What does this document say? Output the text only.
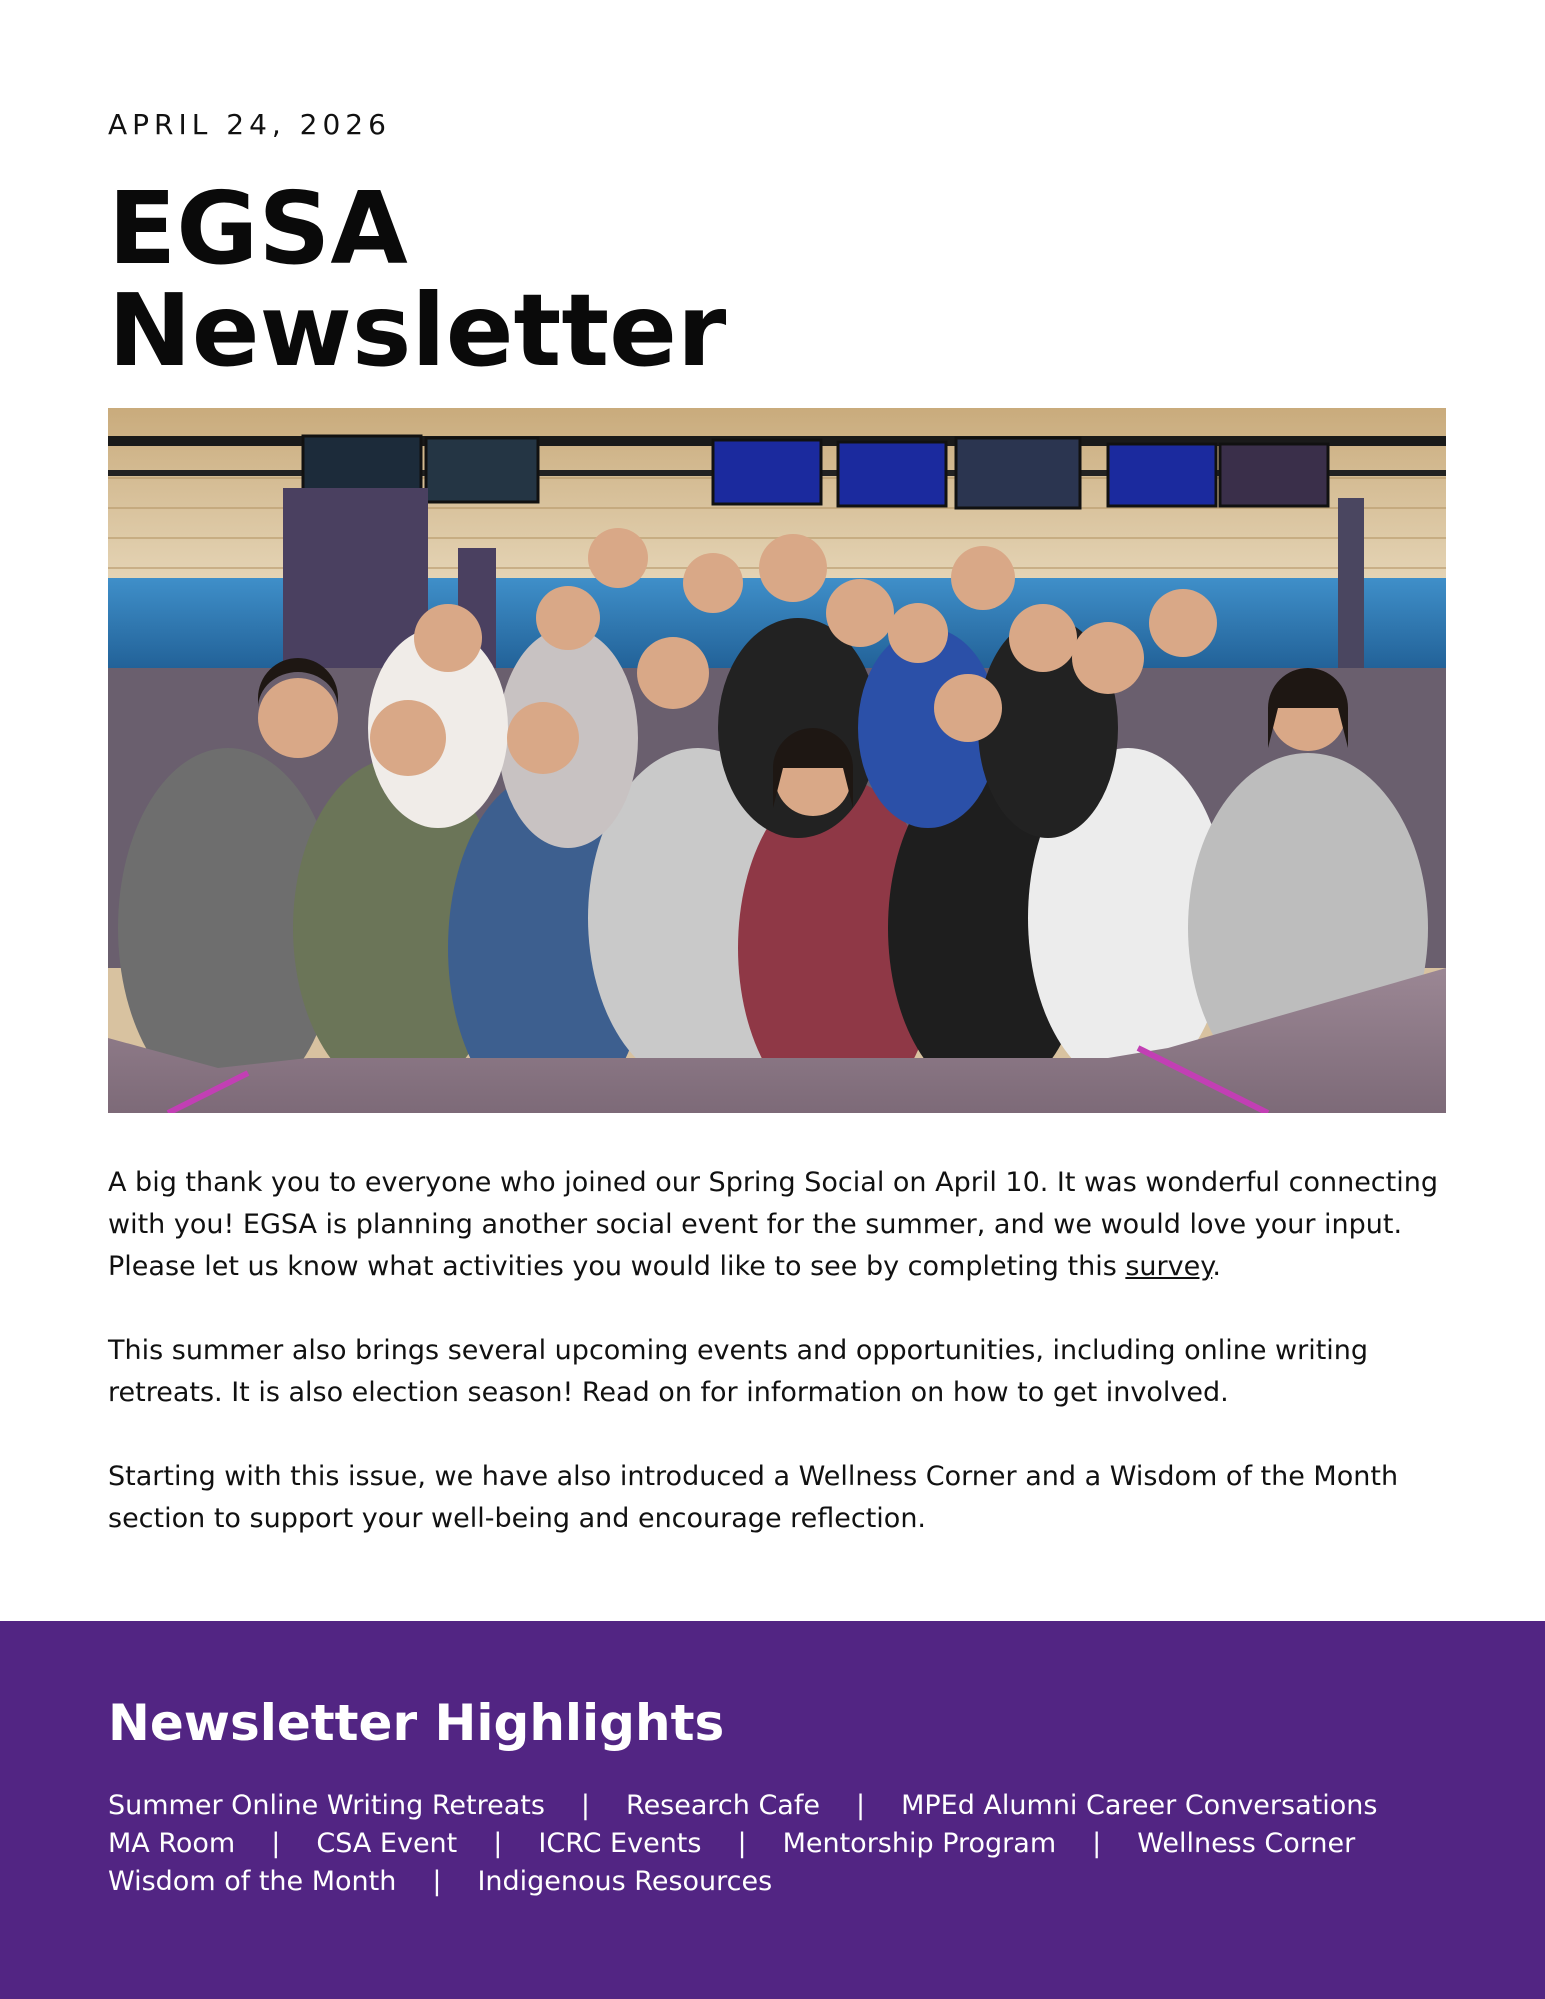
APRIL 24, 2026
EGSA
Newsletter

A big thank you to everyone who joined our Spring Social on April 10. It was wonderful connecting with you! EGSA is planning another social event for the summer, and we would love your input. Please let us know what activities you would like to see by completing this survey.

This summer also brings several upcoming events and opportunities, including online writing retreats. It is also election season! Read on for information on how to get involved.

Starting with this issue, we have also introduced a Wellness Corner and a Wisdom of the Month section to support your well-being and encourage reflection.

Newsletter Highlights
Summer Online Writing Retreats | Research Cafe | MPEd Alumni Career Conversations
MA Room | CSA Event | ICRC Events | Mentorship Program | Wellness Corner
Wisdom of the Month | Indigenous Resources
